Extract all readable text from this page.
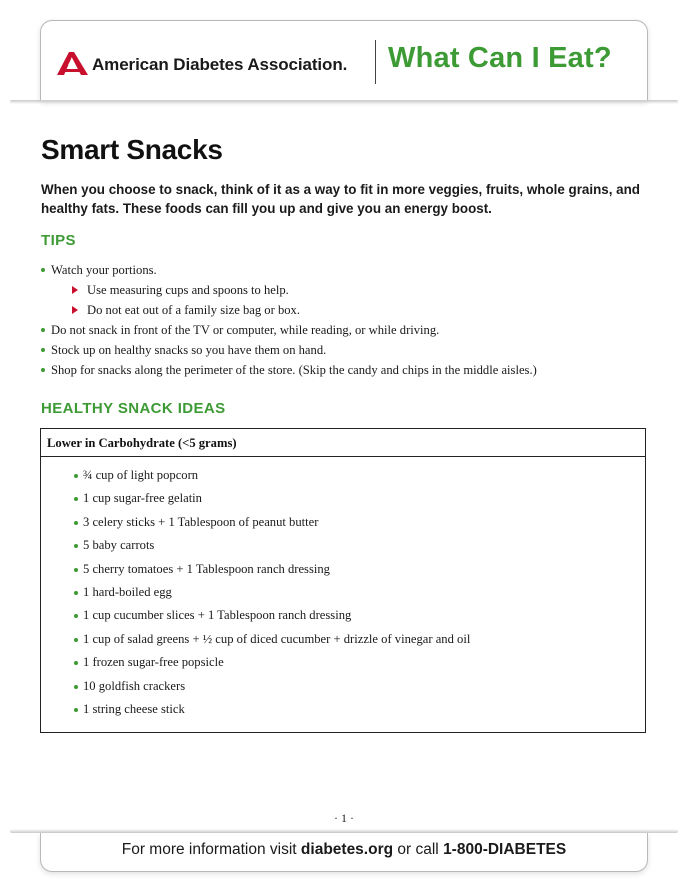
American Diabetes Association. What Can I Eat?
Smart Snacks

When you choose to snack, think of it as a way to fit in more veggies, fruits, whole grains, and healthy fats. These foods can fill you up and give you an energy boost.

TIPS
Watch your portions.
Use measuring cups and spoons to help.
Do not eat out of a family size bag or box.
Do not snack in front of the TV or computer, while reading, or while driving.
Stock up on healthy snacks so you have them on hand.
Shop for snacks along the perimeter of the store. (Skip the candy and chips in the middle aisles.)
HEALTHY SNACK IDEAS
Lower in Carbohydrate (<5 grams)
¾ cup of light popcorn
1 cup sugar-free gelatin
3 celery sticks + 1 Tablespoon of peanut butter
5 baby carrots
5 cherry tomatoes + 1 Tablespoon ranch dressing
1 hard-boiled egg
1 cup cucumber slices + 1 Tablespoon ranch dressing
1 cup of salad greens + ½ cup of diced cucumber + drizzle of vinegar and oil
1 frozen sugar-free popsicle
10 goldfish crackers
1 string cheese stick
· 1 ·
For more information visit diabetes.org or call 1-800-DIABETES
